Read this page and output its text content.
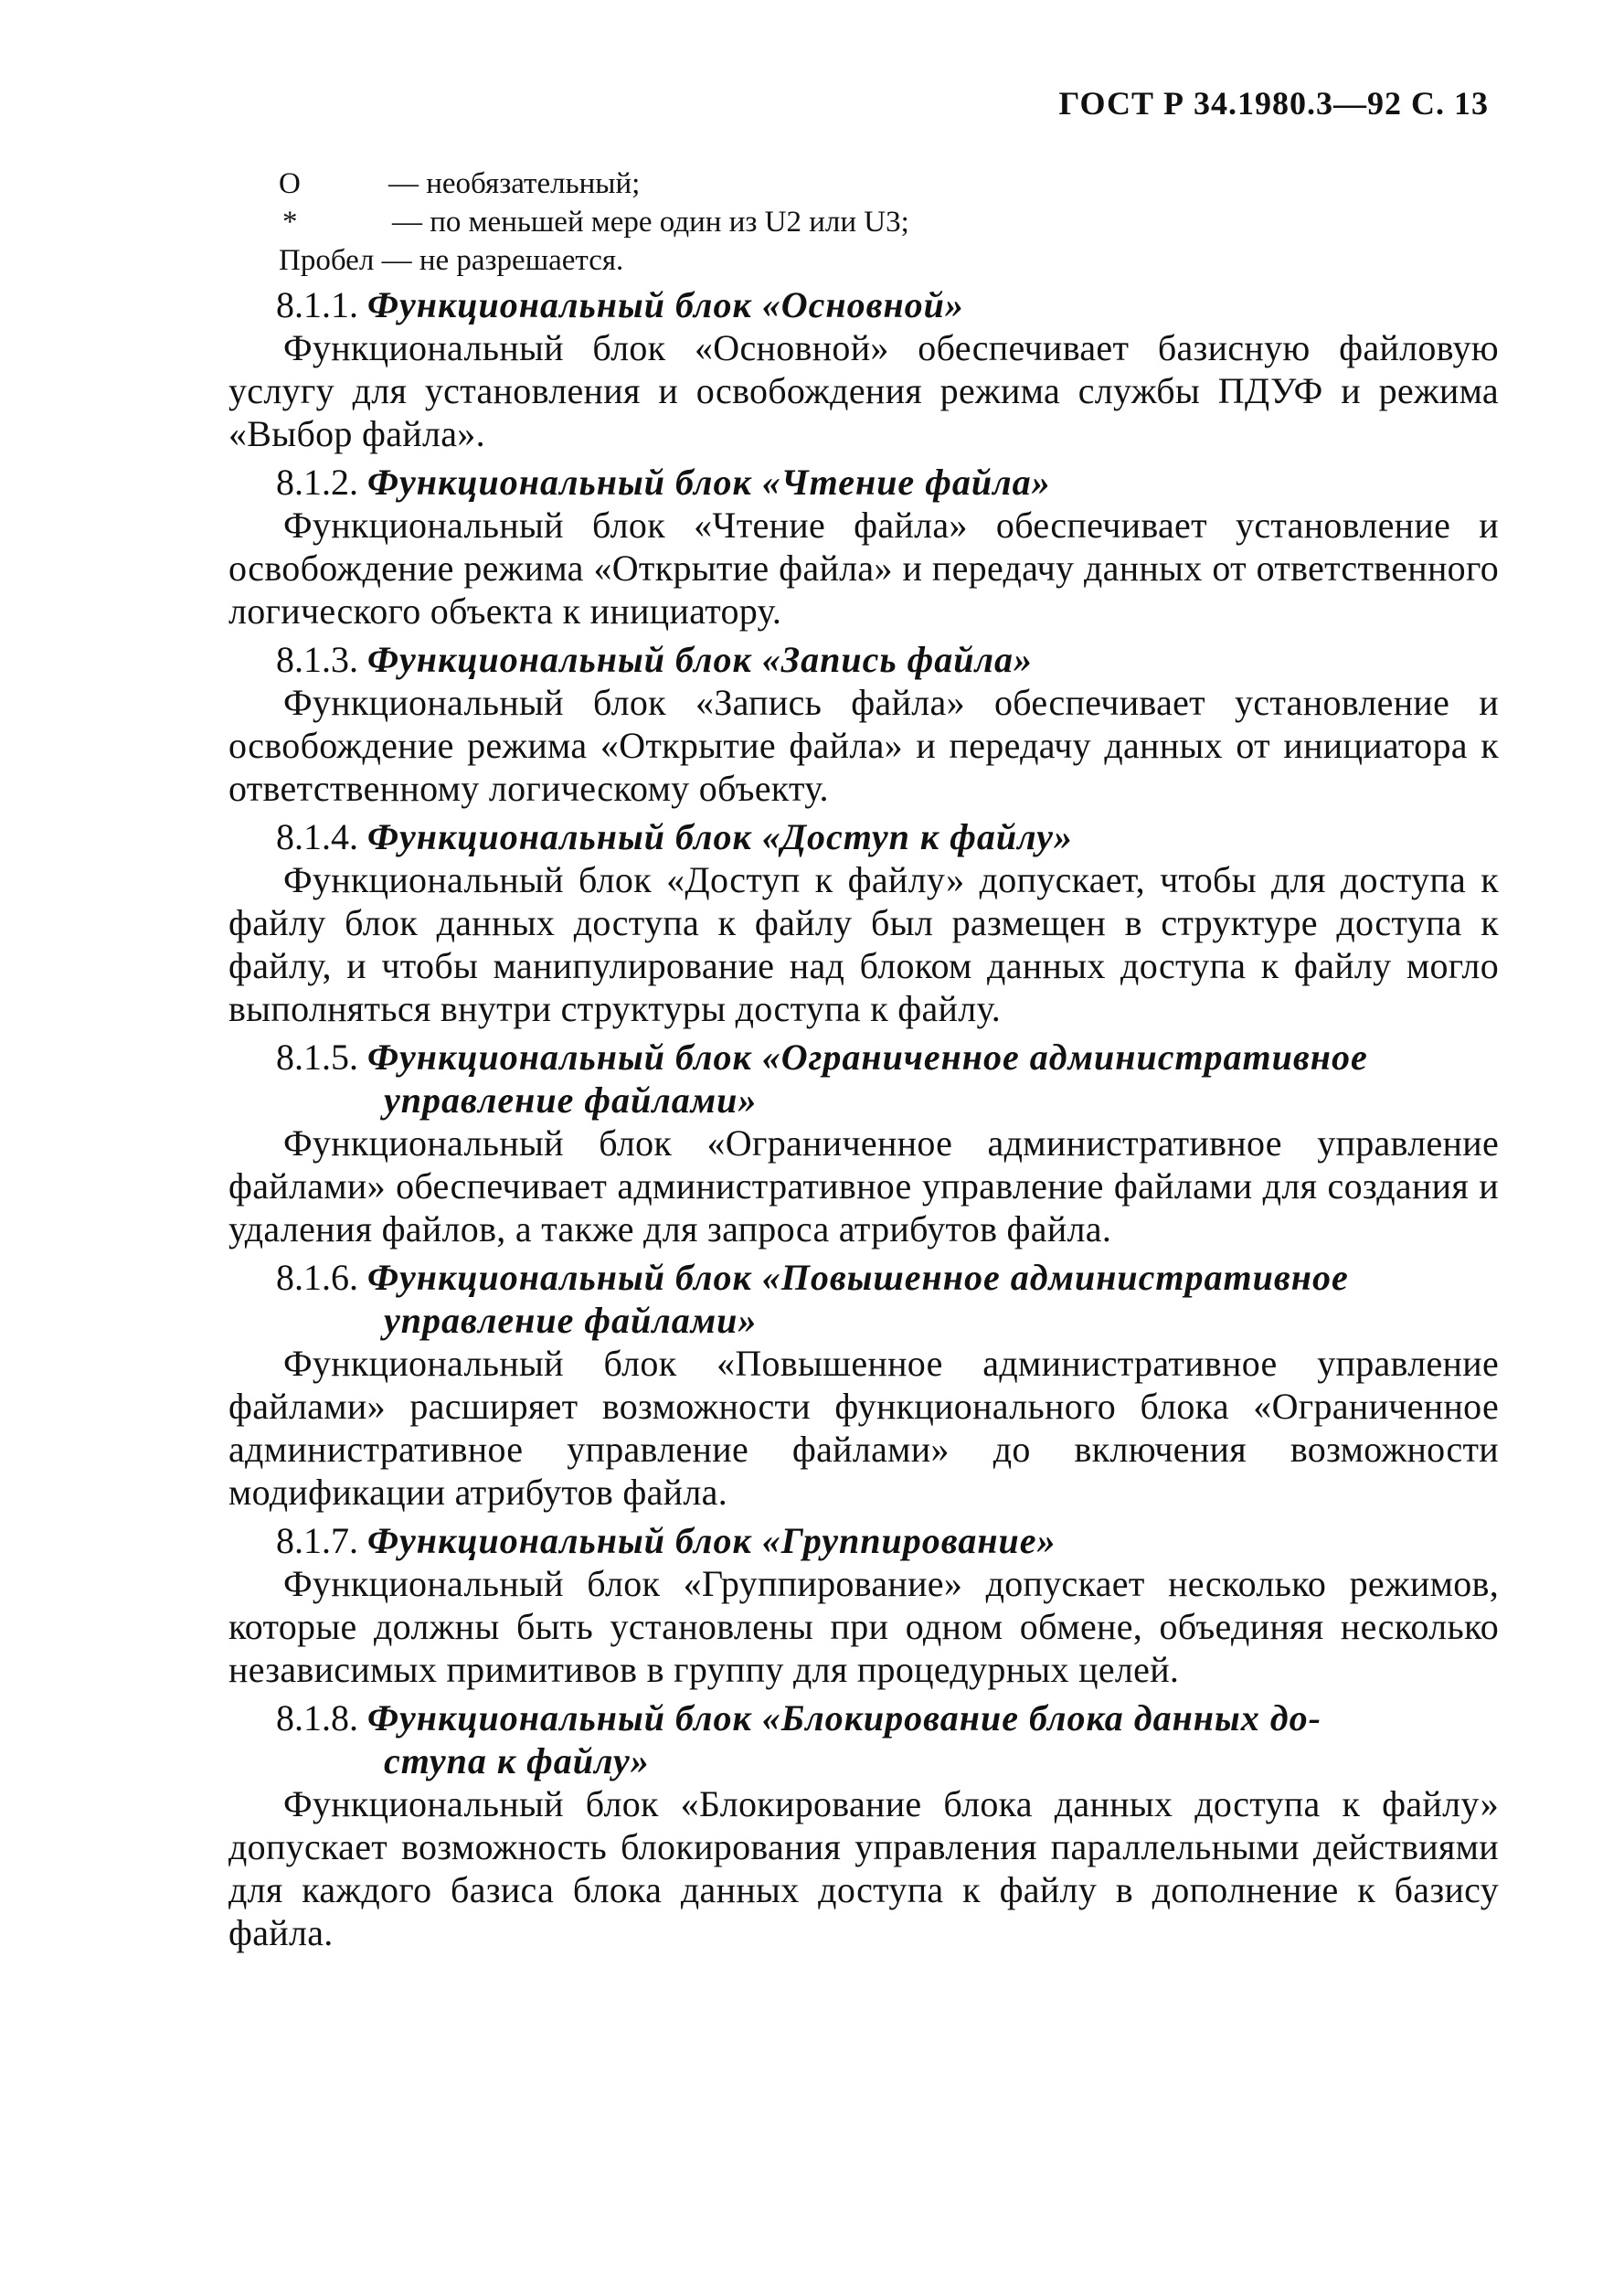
ГОСТ Р 34.1980.3—92 С. 13
О	— необязательный;
*	— по меньшей мере один из U2 или U3;
Пробел
— не разрешается.
8.1.1. Функциональный блок «Основной»

Функциональный блок «Основной» обеспечивает базисную файловую услугу для установления и освобождения режима службы ПДУФ и режима «Выбор файла».

8.1.2. Функциональный блок «Чтение файла»

Функциональный блок «Чтение файла» обеспечивает установление и освобождение режима «Открытие файла» и передачу данных от ответственного логического объекта к инициатору.

8.1.3. Функциональный блок «Запись файла»

Функциональный блок «Запись файла» обеспечивает установление и освобождение режима «Открытие файла» и передачу данных от инициатора к ответственному логическому объекту.

8.1.4. Функциональный блок «Доступ к файлу»

Функциональный блок «Доступ к файлу» допускает, чтобы для доступа к файлу блок данных доступа к файлу был размещен в структуре доступа к файлу, и чтобы манипулирование над блоком данных доступа к файлу могло выполняться внутри структуры доступа к файлу.

8.1.5. Функциональный блок «Ограниченное административное
управление файлами»

Функциональный блок «Ограниченное административное управление файлами» обеспечивает административное управление файлами для создания и удаления файлов, а также для запроса атрибутов файла.

8.1.6. Функциональный блок «Повышенное административное
управление файлами»

Функциональный блок «Повышенное административное управление файлами» расширяет возможности функционального блока «Ограниченное административное управление файлами» до включения возможности модификации атрибутов файла.

8.1.7. Функциональный блок «Группирование»

Функциональный блок «Группирование» допускает несколько режимов, которые должны быть установлены при одном обмене, объединяя несколько независимых примитивов в группу для процедурных целей.

8.1.8. Функциональный блок «Блокирование блока данных до-
ступа к файлу»

Функциональный блок «Блокирование блока данных доступа к файлу» допускает возможность блокирования управления параллельными действиями для каждого базиса блока данных доступа к файлу в дополнение к базису файла.
